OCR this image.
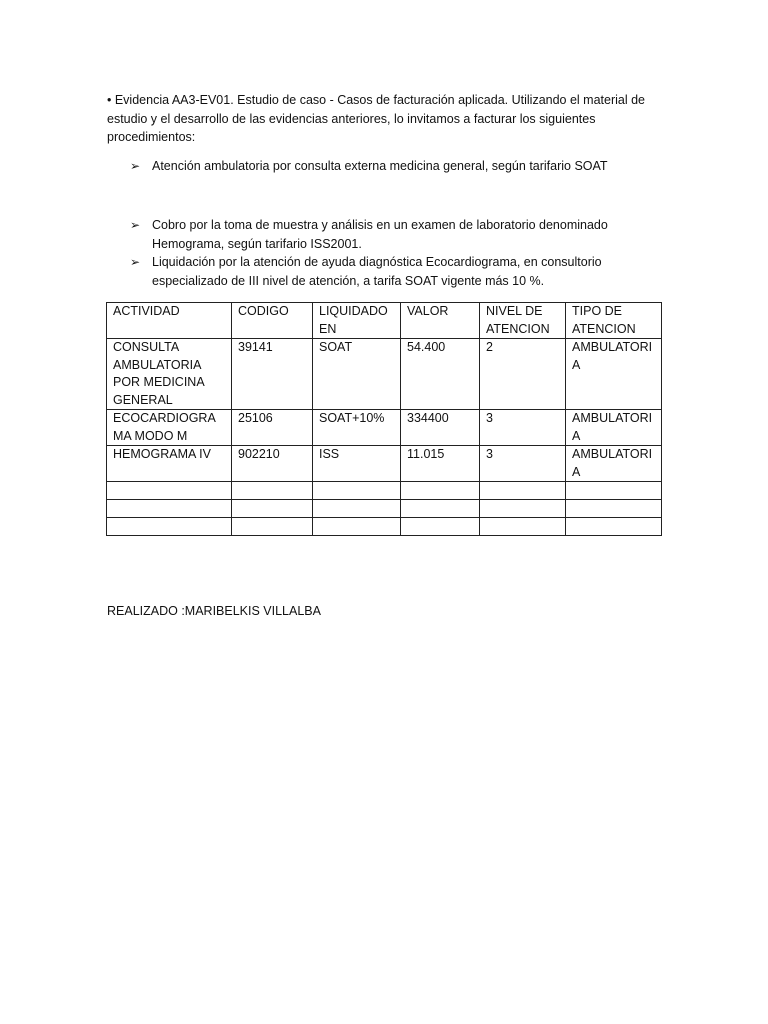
• Evidencia AA3-EV01. Estudio de caso - Casos de facturación aplicada. Utilizando el material de estudio y el desarrollo de las evidencias anteriores, lo invitamos a facturar los siguientes procedimientos:

➢ Atención ambulatoria por consulta externa medicina general, según tarifario SOAT
➢ Cobro por la toma de muestra y análisis en un examen de laboratorio denominado Hemograma, según tarifario ISS2001.
➢ Liquidación por la atención de ayuda diagnóstica Ecocardiograma, en consultorio especializado de III nivel de atención, a tarifa SOAT vigente más 10 %.
ACTIVIDAD	CODIGO	LIQUIDADO EN	VALOR	NIVEL DE ATENCION	TIPO DE ATENCION
CONSULTA AMBULATORIA POR MEDICINA GENERAL	39141	SOAT	54.400	2	AMBULATORIA
ECOCARDIOGRAMA MODO M	25106	SOAT+10%	334400	3	AMBULATORIA
HEMOGRAMA IV	902210	ISS	11.015	3	AMBULATORIA

REALIZADO :MARIBELKIS VILLALBA
